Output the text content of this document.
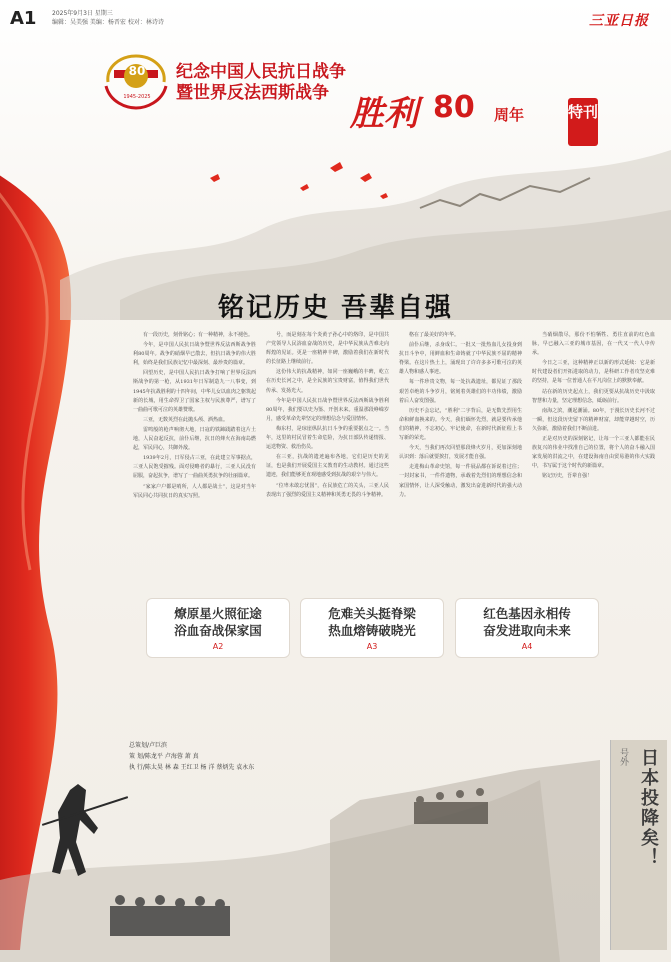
A1	2025年9月3日 星期三
编辑：吴美强 美编：杨晋宏 校对：林诗诗	三亚日报
80
1945-2025
纪念中国人民抗日战争
暨世界反法西斯战争
胜利 80 周年	特刊
铭记历史 吾辈自强

有一段历史，刻骨铭心；有一种精神，永不褪色。

今年，是中国人民抗日战争暨世界反法西斯战争胜利80周年。战争的硝烟早已散去，但抗日战争的伟大胜利，始终是我们民族记忆中最深刻、最珍贵的篇章。

回望历史，是中国人民抗日战争打响了世界反法西斯战争的第一枪，从1931年日军制造九一八事变，到1945年抗战胜利的十四年间，中华儿女以血肉之躯筑起新的长城，用生命捍卫了国家主权与民族尊严，谱写了一曲曲可歌可泣的英雄赞歌。

三亚，无数英烈在此抛头颅、洒热血。

雷鸣般的枪声响彻大地，日寇的铁蹄践踏着这片土地，人民奋起反抗，前仆后继，抗日的烽火在海南岛燃起，军民同心，共御外敌。

1939年2月，日军侵占三亚，在此建立军事据点，三亚人民饱受摧残。面对侵略者的暴行，三亚人民没有屈服，奋起抗争，谱写了一曲曲英勇抗争的壮丽篇章。

“家家户户都是哨所，人人都是战士”，这是对当年军民同心共同抗日的真实写照。

号，而是刻在每个炎黄子孙心中的烙印，是中国共产党领导人民浴血奋战的历史，是中华民族从苦难走向辉煌的见证。更是一座精神丰碑，激励着我们在新时代的长征路上继续前行。

这份伟大的抗战精神，如同一座巍峨的丰碑，屹立在历史长河之中，是全民族的宝贵财富，值得我们世代传承、发扬光大。

今年是中国人民抗日战争暨世界反法西斯战争胜利80周年，我们要以史为鉴、开创未来。重温那段峥嵘岁月，感受革命先辈坚定的理想信念与爱国情怀。

梅东村，是琼崖纵队抗日斗争的重要据点之一。当年，这里的村民冒着生命危险，为抗日部队传递情报、运送物资、救治伤员。

在三亚，抗战的遗迹遍布各地，它们是历史的见证，也是我们开展爱国主义教育的生动教材。通过这些遗迹，我们能够更直观地感受到抗战的艰辛与伟大。

“位卑未敢忘忧国”，在民族危亡的关头，三亚人民表现出了强烈的爱国主义精神和英勇无畏的斗争精神。

格在了最美好的年华。

前仆后继，杀身成仁。一批又一批热血儿女投身到抗日斗争中，用鲜血和生命铸就了中华民族不屈的精神脊梁。在这片热土上，涌现出了许许多多可歌可泣的英雄人物和感人事迹。

每一件珍贵文物，每一处抗战遗址，都见证了那段艰苦卓绝的斗争岁月，铭刻着英雄们的丰功伟绩，激励着后人奋发图强。

历史不会忘记，“胜利”二字背后，是无数先烈用生命和鲜血换来的。今天，我们缅怀先烈，就是要传承他们的精神，不忘初心，牢记使命，在新时代新征程上书写新的荣光。

今天，当我们再次回望那段烽火岁月，更加深刻地认识到：落后就要挨打，发展才能自强。

走进梅山革命史馆，每一件展品都在诉说着过往；一封封家书，一件件遗物，承载着先烈们的理想信念和家国情怀，让人深受触动，激发出奋进新时代的强大动力。

当硝烟散尽，那份不怕牺牲、勇往直前的红色血脉，早已融入三亚的城市基因，在一代又一代人中传承。

今日之三亚，这种精神正以新的形式延续：它是新时代建设者们开拓进取的动力，是科研工作者攻坚克难的坚持，是每一位普通人在平凡岗位上的默默奉献。

站在新的历史起点上，我们更要从抗战历史中汲取智慧和力量，坚定理想信念，砥砺前行。

南海之滨，潮起潮涌。80年，于漫长历史长河不过一瞬，但这段历史留下的精神财富，却能穿越时空，历久弥新，激励着我们不断前进。

正是对历史的深刻铭记，让每一个三亚人都能在民族复兴的伟业中找准自己的位置，将个人的奋斗融入国家发展的洪流之中，在建设海南自由贸易港的伟大实践中，书写属于这个时代的新篇章。

铭记历史，吾辈自强！

燎原星火照征途
浴血奋战保家国
危难关头挺脊梁
热血熔铸破晓光
红色基因永相传
奋发进取向未来
A2	A3	A4
总策划/卢巨滨
策 划/陈龙平 卢海蓉 萧 真
执 行/陈太昊 林 森 王红卫 杨 洋 蔡炳先 袁永东	日本投降矣！
号外
